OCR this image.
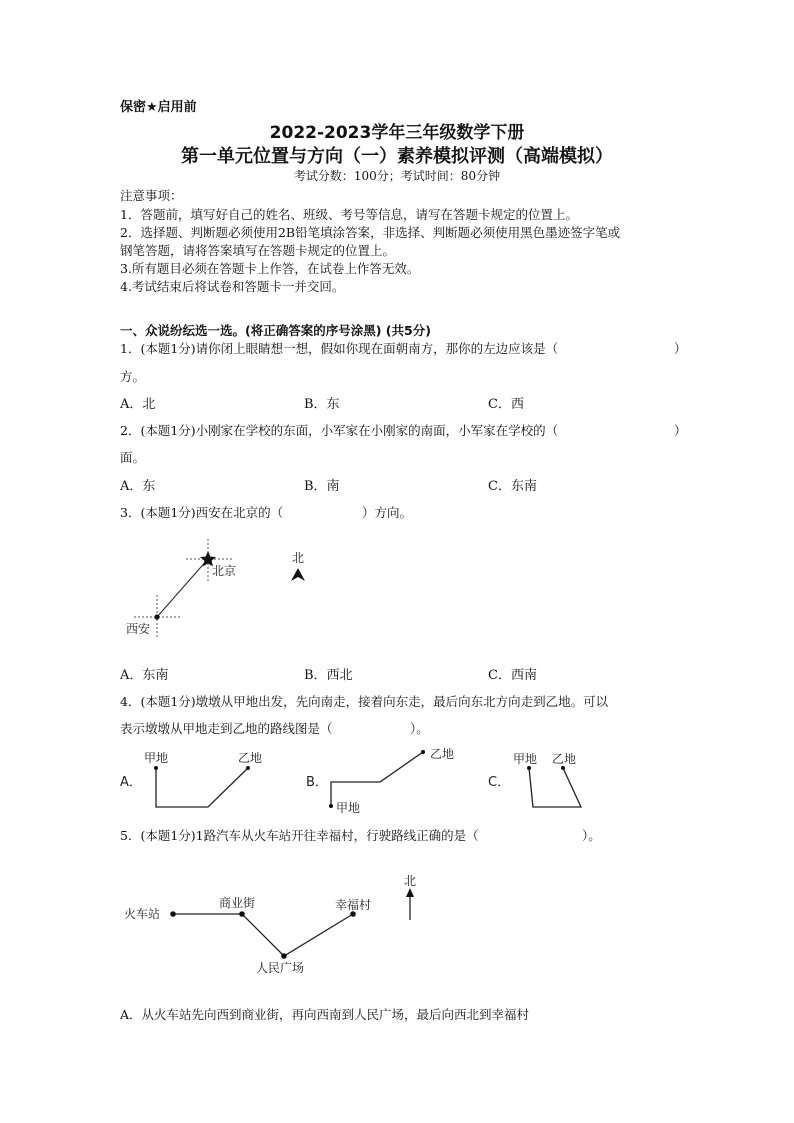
保密★启用前
2022-2023学年三年级数学下册
第一单元位置与方向（一）素养模拟评测（高端模拟）
考试分数：100分；考试时间：80分钟
注意事项：
1．答题前，填写好自己的姓名、班级、考号等信息，请写在答题卡规定的位置上。
2．选择题、判断题必须使用2B铅笔填涂答案，非选择、判断题必须使用黑色墨迹签字笔或
钢笔答题，请将答案填写在答题卡规定的位置上。
3.所有题目必须在答题卡上作答，在试卷上作答无效。
4.考试结束后将试卷和答题卡一并交回。
一、众说纷纭选一选。(将正确答案的序号涂黑) (共5分)
1．(本题1分)请你闭上眼睛想一想，假如你现在面朝南方，那你的左边应该是（	）
方。
A．北	B．东	C．西
2．(本题1分)小刚家在学校的东面，小军家在小刚家的南面，小军家在学校的（	）
面。
A．东	B．南	C．东南
3．(本题1分)西安在北京的（	）方向。
北京
西安
北
A．东南	B．西北	C．西南
4．(本题1分)墩墩从甲地出发，先向南走，接着向东走，最后向东北方向走到乙地。可以
表示墩墩从甲地走到乙地的路线图是（	）。
A．
甲地	乙地
B．
乙地
甲地
C．
甲地 乙地
5．(本题1分)1路汽车从火车站开往幸福村，行驶路线正确的是（	）。
火车站
商业街
人民广场
幸福村
北
A．从火车站先向西到商业街，再向西南到人民广场，最后向西北到幸福村
